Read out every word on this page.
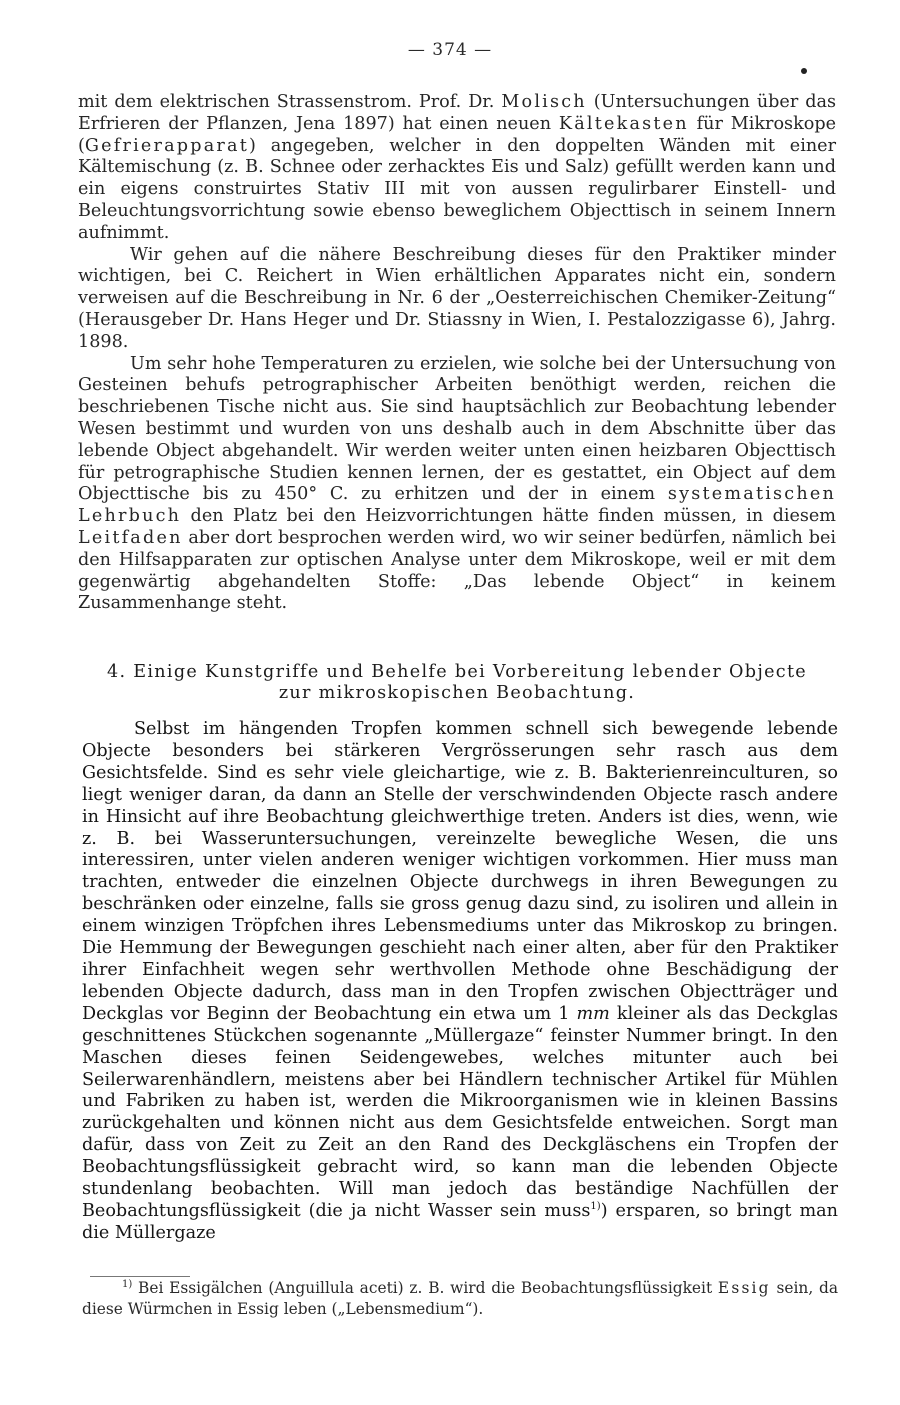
— 374 —

mit dem elektrischen Strassenstrom. Prof. Dr. Molisch (Untersuchungen über das Erfrieren der Pflanzen, Jena 1897) hat einen neuen Kältekasten für Mikroskope (Gefrierapparat) angegeben, welcher in den doppelten Wänden mit einer Kältemischung (z. B. Schnee oder zerhacktes Eis und Salz) gefüllt werden kann und ein eigens construirtes Stativ III mit von aussen regulirbarer Einstell- und Beleuchtungsvorrichtung sowie ebenso beweglichem Objecttisch in seinem Innern aufnimmt.

Wir gehen auf die nähere Beschreibung dieses für den Praktiker minder wichtigen, bei C. Reichert in Wien erhältlichen Apparates nicht ein, sondern verweisen auf die Beschreibung in Nr. 6 der „Oesterreichischen Chemiker-Zeitung“ (Herausgeber Dr. Hans Heger und Dr. Stiassny in Wien, I. Pestalozzigasse 6), Jahrg. 1898.

Um sehr hohe Temperaturen zu erzielen, wie solche bei der Untersuchung von Gesteinen behufs petrographischer Arbeiten benöthigt werden, reichen die beschriebenen Tische nicht aus. Sie sind hauptsächlich zur Beobachtung lebender Wesen bestimmt und wurden von uns deshalb auch in dem Abschnitte über das lebende Object abgehandelt. Wir werden weiter unten einen heizbaren Objecttisch für petrographische Studien kennen lernen, der es gestattet, ein Object auf dem Objecttische bis zu 450° C. zu erhitzen und der in einem systematischen Lehrbuch den Platz bei den Heizvorrichtungen hätte finden müssen, in diesem Leitfaden aber dort besprochen werden wird, wo wir seiner bedürfen, nämlich bei den Hilfsapparaten zur optischen Analyse unter dem Mikroskope, weil er mit dem gegenwärtig abgehandelten Stoffe: „Das lebende Object“ in keinem Zusammenhange steht.

4. Einige Kunstgriffe und Behelfe bei Vorbereitung lebender Objecte
zur mikroskopischen Beobachtung.

Selbst im hängenden Tropfen kommen schnell sich bewegende lebende Objecte besonders bei stärkeren Vergrösserungen sehr rasch aus dem Gesichtsfelde. Sind es sehr viele gleichartige, wie z. B. Bakterienreinculturen, so liegt weniger daran, da dann an Stelle der verschwindenden Objecte rasch andere in Hinsicht auf ihre Beobachtung gleichwerthige treten. Anders ist dies, wenn, wie z. B. bei Wasseruntersuchungen, vereinzelte bewegliche Wesen, die uns interessiren, unter vielen anderen weniger wichtigen vorkommen. Hier muss man trachten, entweder die einzelnen Objecte durchwegs in ihren Bewegungen zu beschränken oder einzelne, falls sie gross genug dazu sind, zu isoliren und allein in einem winzigen Tröpfchen ihres Lebensmediums unter das Mikroskop zu bringen. Die Hemmung der Bewegungen geschieht nach einer alten, aber für den Praktiker ihrer Einfachheit wegen sehr werthvollen Methode ohne Beschädigung der lebenden Objecte dadurch, dass man in den Tropfen zwischen Objectträger und Deckglas vor Beginn der Beobachtung ein etwa um 1 mm kleiner als das Deckglas geschnittenes Stückchen sogenannte „Müllergaze“ feinster Nummer bringt. In den Maschen dieses feinen Seidengewebes, welches mitunter auch bei Seilerwarenhändlern, meistens aber bei Händlern technischer Artikel für Mühlen und Fabriken zu haben ist, werden die Mikroorganismen wie in kleinen Bassins zurückgehalten und können nicht aus dem Gesichtsfelde entweichen. Sorgt man dafür, dass von Zeit zu Zeit an den Rand des Deckgläschens ein Tropfen der Beobachtungsflüssigkeit gebracht wird, so kann man die lebenden Objecte stundenlang beobachten. Will man jedoch das beständige Nachfüllen der Beobachtungsflüssigkeit (die ja nicht Wasser sein muss$^{1)}$) ersparen, so bringt man die Müllergaze

$^{1)}$ Bei Essigälchen (Anguillula aceti) z. B. wird die Beobachtungsflüssigkeit Essig sein, da diese Würmchen in Essig leben („Lebensmedium“).
